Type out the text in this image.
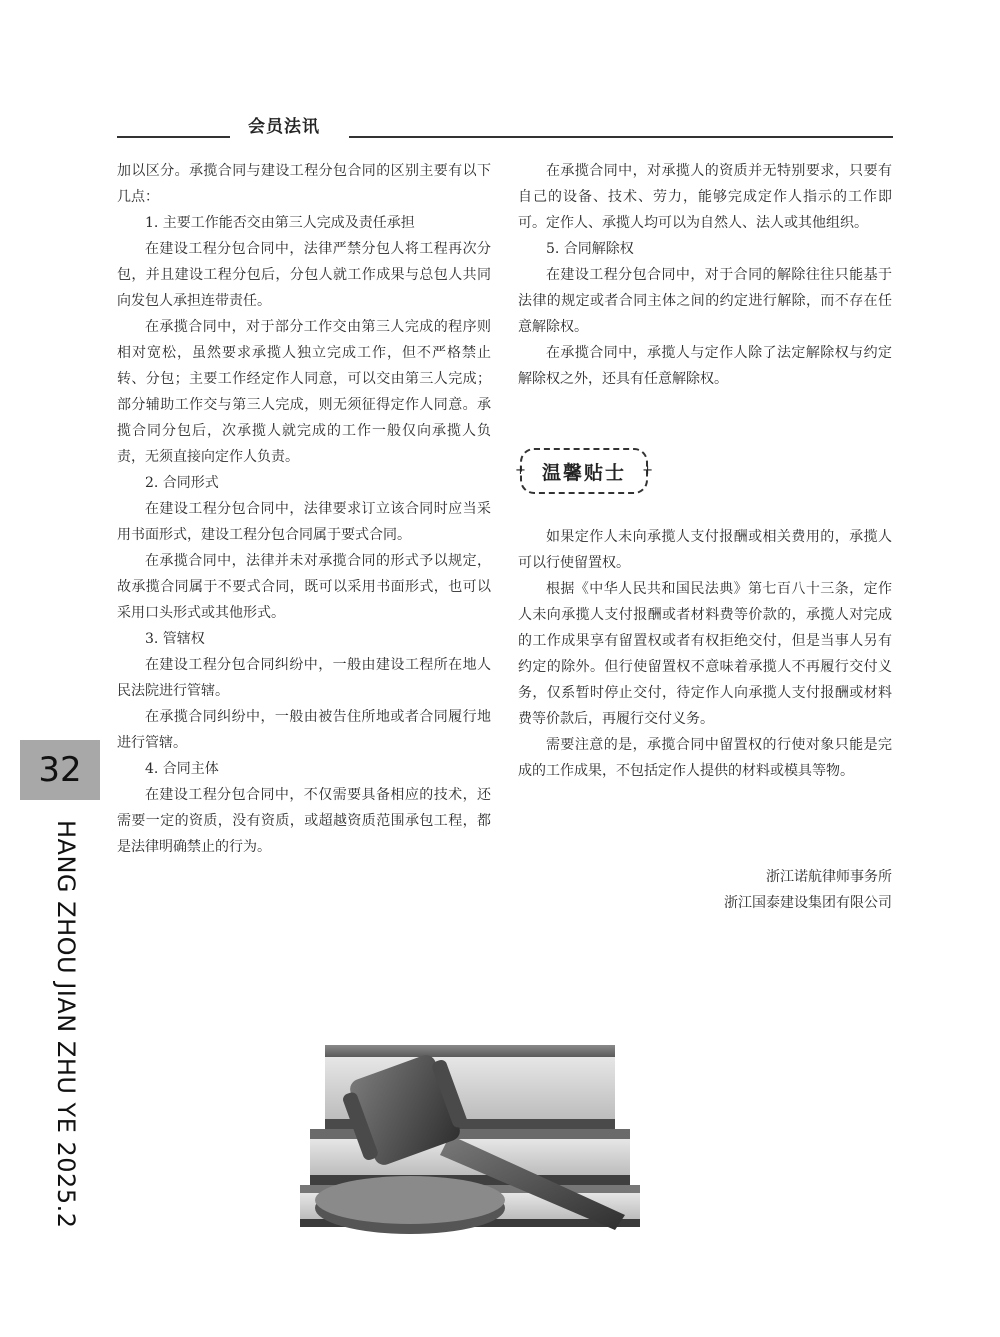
会员法讯

加以区分。承揽合同与建设工程分包合同的区别主要有以下几点：

1. 主要工作能否交由第三人完成及责任承担

在建设工程分包合同中，法律严禁分包人将工程再次分包，并且建设工程分包后，分包人就工作成果与总包人共同向发包人承担连带责任。

在承揽合同中，对于部分工作交由第三人完成的程序则相对宽松，虽然要求承揽人独立完成工作，但不严格禁止转、分包；主要工作经定作人同意，可以交由第三人完成；部分辅助工作交与第三人完成，则无须征得定作人同意。承揽合同分包后，次承揽人就完成的工作一般仅向承揽人负责，无须直接向定作人负责。

2. 合同形式

在建设工程分包合同中，法律要求订立该合同时应当采用书面形式，建设工程分包合同属于要式合同。

在承揽合同中，法律并未对承揽合同的形式予以规定，故承揽合同属于不要式合同，既可以采用书面形式，也可以采用口头形式或其他形式。

3. 管辖权

在建设工程分包合同纠纷中，一般由建设工程所在地人民法院进行管辖。

在承揽合同纠纷中，一般由被告住所地或者合同履行地进行管辖。

4. 合同主体

在建设工程分包合同中，不仅需要具备相应的技术，还需要一定的资质，没有资质，或超越资质范围承包工程，都是法律明确禁止的行为。

在承揽合同中，对承揽人的资质并无特别要求，只要有自己的设备、技术、劳力，能够完成定作人指示的工作即可。定作人、承揽人均可以为自然人、法人或其他组织。

5. 合同解除权

在建设工程分包合同中，对于合同的解除往往只能基于法律的规定或者合同主体之间的约定进行解除，而不存在任意解除权。

在承揽合同中，承揽人与定作人除了法定解除权与约定解除权之外，还具有任意解除权。

+ 温馨贴士 +

如果定作人未向承揽人支付报酬或相关费用的，承揽人可以行使留置权。

根据《中华人民共和国民法典》第七百八十三条，定作人未向承揽人支付报酬或者材料费等价款的，承揽人对完成的工作成果享有留置权或者有权拒绝交付，但是当事人另有约定的除外。但行使留置权不意味着承揽人不再履行交付义务，仅系暂时停止交付，待定作人向承揽人支付报酬或材料费等价款后，再履行交付义务。

需要注意的是，承揽合同中留置权的行使对象只能是完成的工作成果，不包括定作人提供的材料或模具等物。

浙江诺航律师事务所
浙江国泰建设集团有限公司
32
HANG ZHOU JIAN ZHU YE 2025.2
